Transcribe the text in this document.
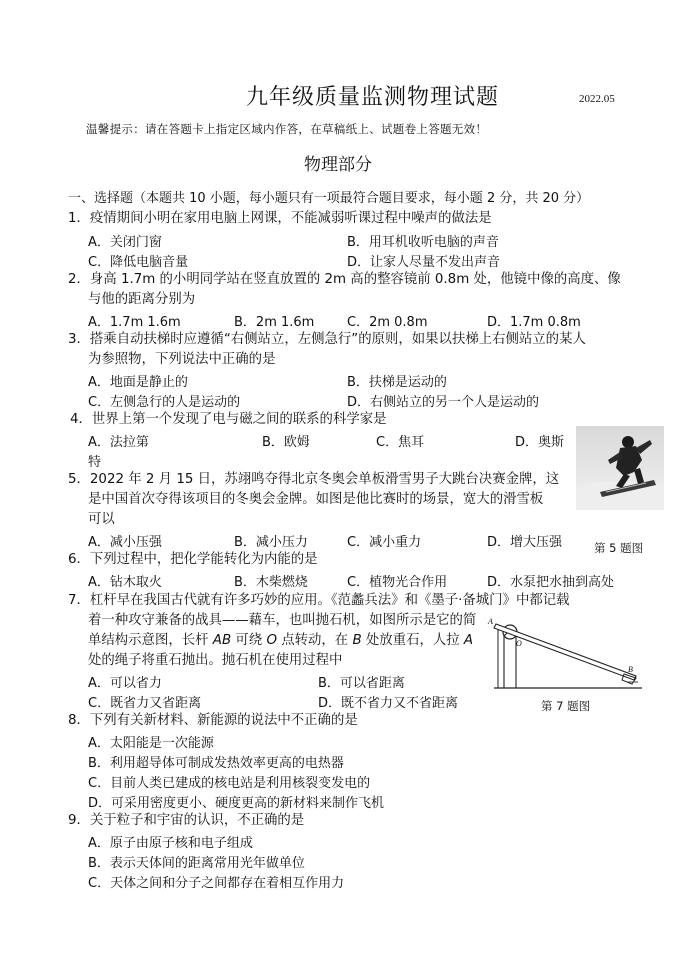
九年级质量监测物理试题	2022.05
温馨提示：请在答题卡上指定区域内作答，在草稿纸上、试题卷上答题无效！
物理部分
一、选择题（本题共 10 小题，每小题只有一项最符合题目要求，每小题 2 分，共 20 分）
1．疫情期间小明在家用电脑上网课，不能减弱听课过程中噪声的做法是
A．关闭门窗	B．用耳机收听电脑的声音
C．降低电脑音量	D．让家人尽量不发出声音
2．身高 1.7m 的小明同学站在竖直放置的 2m 高的整容镜前 0.8m 处，他镜中像的高度、像
与他的距离分别为
A．1.7m 1.6m	B．2m 1.6m	C．2m 0.8m	D．1.7m 0.8m
3．搭乘自动扶梯时应遵循“右侧站立，左侧急行”的原则，如果以扶梯上右侧站立的某人
为参照物，下列说法中正确的是
A．地面是静止的	B．扶梯是运动的
C．左侧急行的人是运动的	D．右侧站立的另一个人是运动的
4．世界上第一个发现了电与磁之间的联系的科学家是
A．法拉第	B．欧姆	C．焦耳	D．奥斯
特
5．2022 年 2 月 15 日，苏翊鸣夺得北京冬奥会单板滑雪男子大跳台决赛金牌，这
是中国首次夺得该项目的冬奥会金牌。如图是他比赛时的场景，宽大的滑雪板
可以
A．减小压强	B．减小压力	C．减小重力	D．增大压强	第 5 题图
6．下列过程中，把化学能转化为内能的是
A．钻木取火	B．木柴燃烧	C．植物光合作用	D．水泵把水抽到高处
7．杠杆早在我国古代就有许多巧妙的应用。《范蠡兵法》和《墨子·备城门》中都记载
着一种攻守兼备的战具——藉车，也叫抛石机，如图所示是它的简
单结构示意图，长杆 AB 可绕 O 点转动，在 B 处放重石，人拉 A
处的绳子将重石抛出。抛石机在使用过程中
A．可以省力	B．可以省距离
C．既省力又省距离	D．既不省力又不省距离
A
O
B
第 7 题图
8．下列有关新材料、新能源的说法中不正确的是
A．太阳能是一次能源
B．利用超导体可制成发热效率更高的电热器
C．目前人类已建成的核电站是利用核裂变发电的
D．可采用密度更小、硬度更高的新材料来制作飞机
9．关于粒子和宇宙的认识，不正确的是
A．原子由原子核和电子组成
B．表示天体间的距离常用光年做单位
C．天体之间和分子之间都存在着相互作用力
